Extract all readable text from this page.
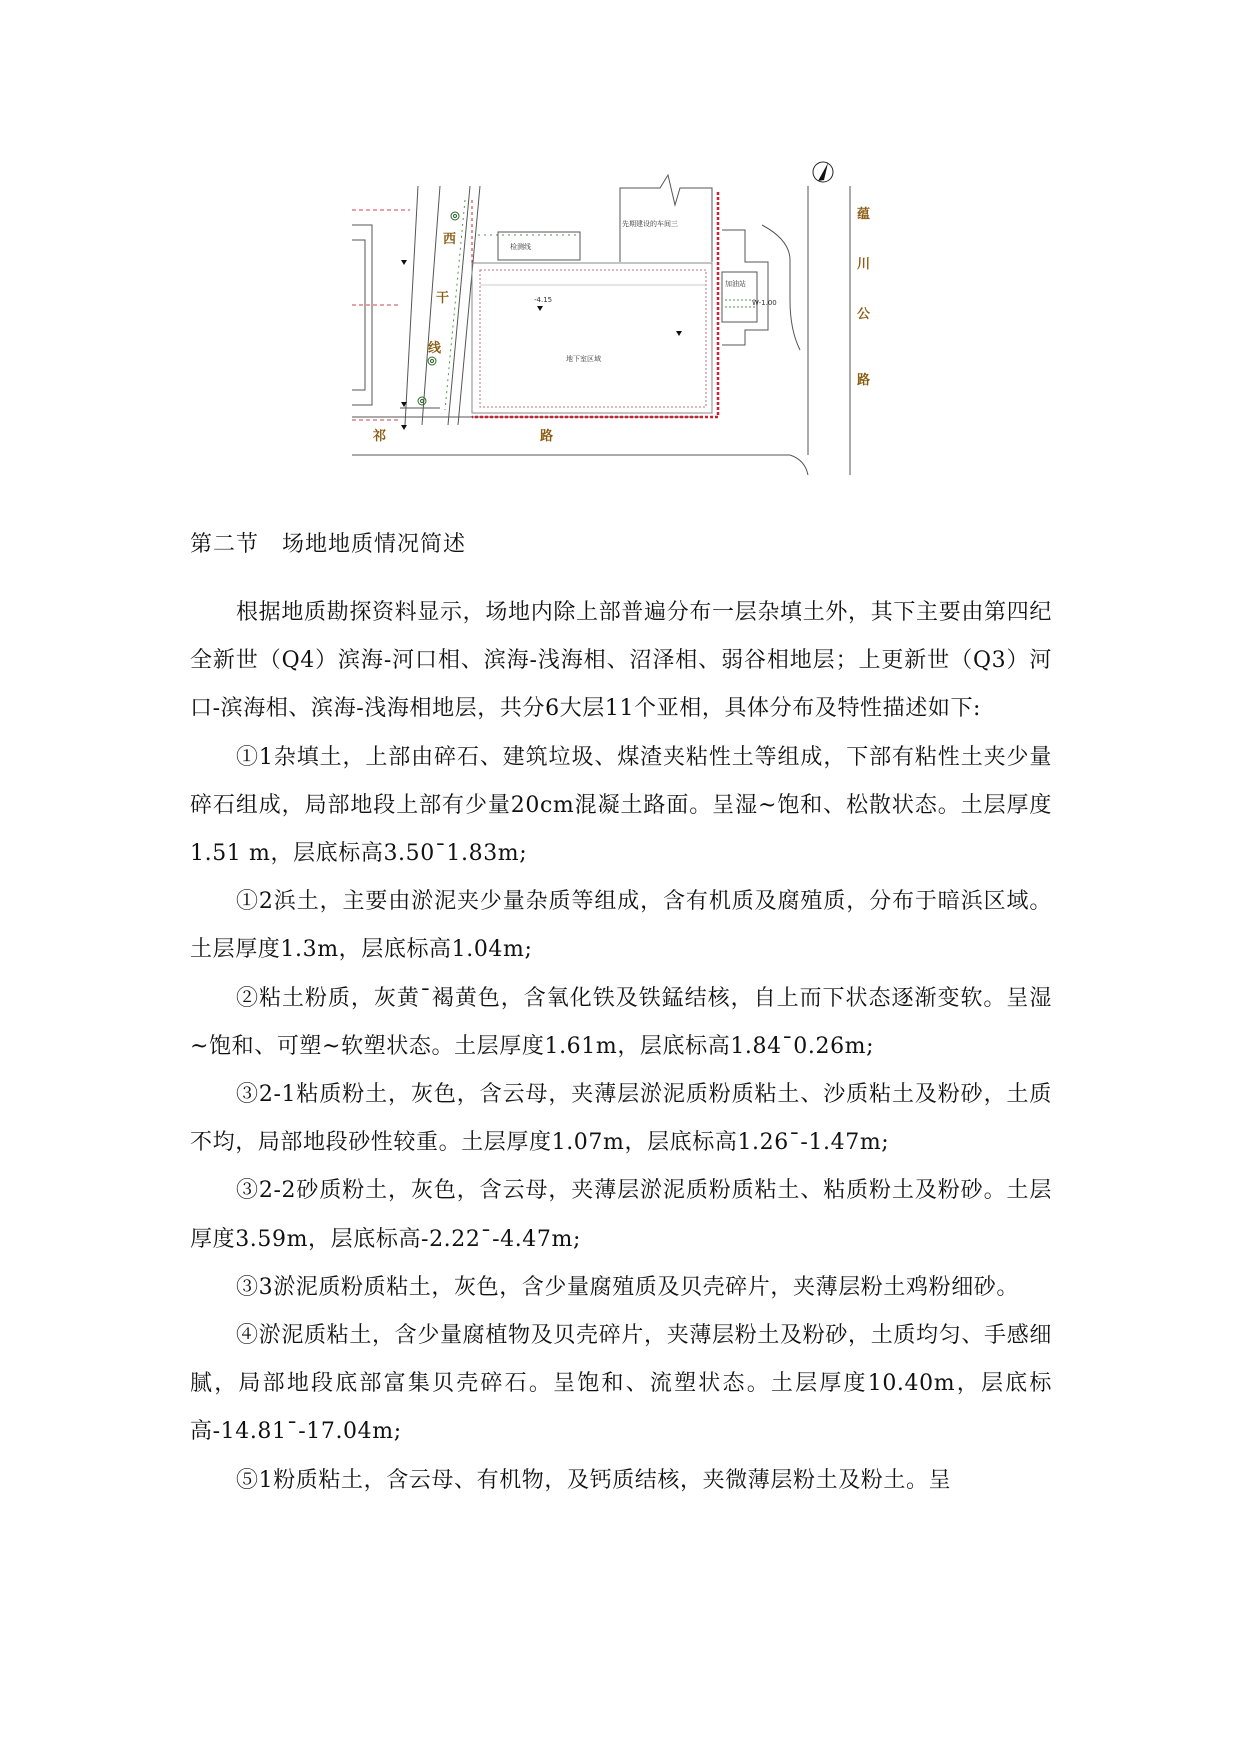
西
干
线
蕴
川
公
路
祁	路
检测线
先期建设的车间三
加油站
地下室区域
-4.15	W-1.00
第二节　场地地质情况简述

根据地质勘探资料显示，场地内除上部普遍分布一层杂填土外，其下主要由第四纪全新世（Q4）滨海-河口相、滨海-浅海相、沼泽相、弱谷相地层；上更新世（Q3）河口-滨海相、滨海-浅海相地层，共分6大层11个亚相，具体分布及特性描述如下:

①1杂填土，上部由碎石、建筑垃圾、煤渣夹粘性土等组成，下部有粘性土夹少量碎石组成，局部地段上部有少量20cm混凝土路面。呈湿~饱和、松散状态。土层厚度1.51 m，层底标高3.50¯1.83m;

①2浜土，主要由淤泥夹少量杂质等组成，含有机质及腐殖质，分布于暗浜区域。土层厚度1.3m，层底标高1.04m;

②粘土粉质，灰黄¯褐黄色，含氧化铁及铁錳结核，自上而下状态逐渐变软。呈湿~饱和、可塑~软塑状态。土层厚度1.61m，层底标高1.84¯0.26m;

③2-1粘质粉土，灰色，含云母，夹薄层淤泥质粉质粘土、沙质粘土及粉砂，土质不均，局部地段砂性较重。土层厚度1.07m，层底标高1.26¯-1.47m;

③2-2砂质粉土，灰色，含云母，夹薄层淤泥质粉质粘土、粘质粉土及粉砂。土层厚度3.59m，层底标高-2.22¯-4.47m;

③3淤泥质粉质粘土，灰色，含少量腐殖质及贝壳碎片，夹薄层粉土鸡粉细砂。

④淤泥质粘土，含少量腐植物及贝壳碎片，夹薄层粉土及粉砂，土质均匀、手感细腻，局部地段底部富集贝壳碎石。呈饱和、流塑状态。土层厚度10.40m，层底标高-14.81¯-17.04m;

⑤1粉质粘土，含云母、有机物，及钙质结核，夹微薄层粉土及粉土。呈
